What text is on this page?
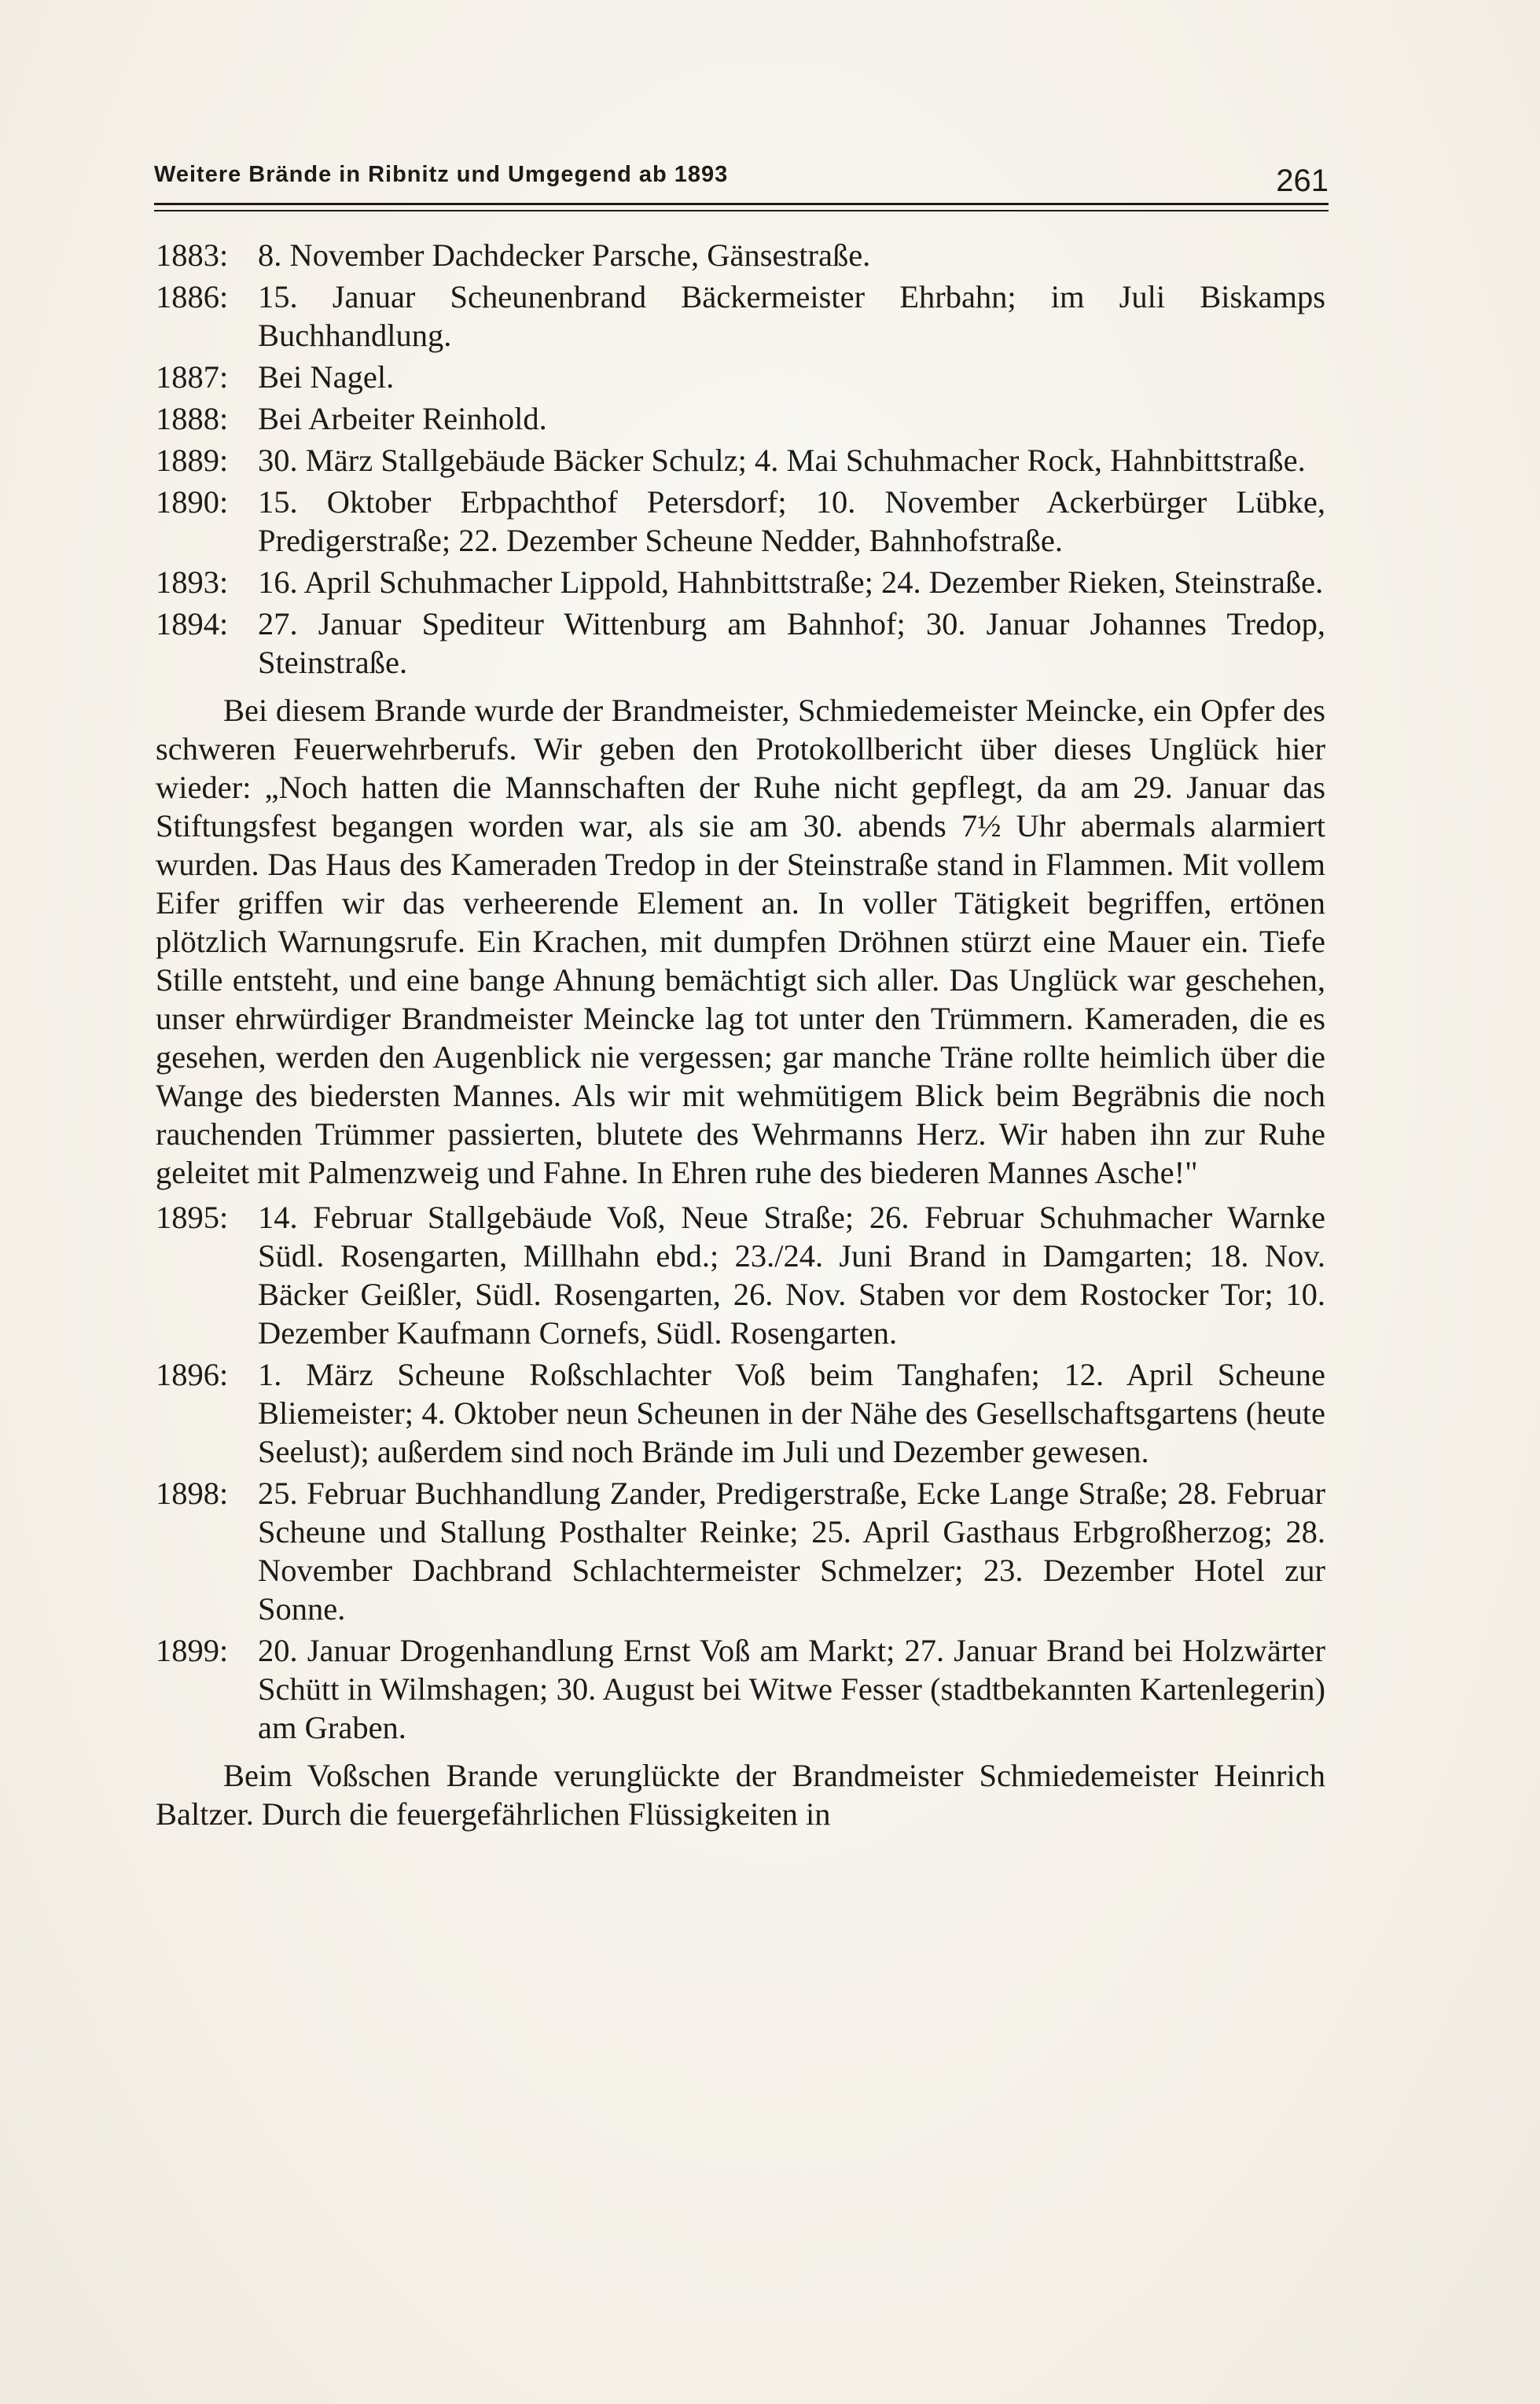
Weitere Brände in Ribnitz und Umgegend ab 1893	261
1883: 8. November Dachdecker Parsche, Gänsestraße.
1886: 15. Januar Scheunenbrand Bäckermeister Ehrbahn; im Juli Biskamps Buchhandlung.
1887: Bei Nagel.
1888: Bei Arbeiter Reinhold.
1889: 30. März Stallgebäude Bäcker Schulz; 4. Mai Schuhmacher Rock, Hahnbittstraße.
1890: 15. Oktober Erbpachthof Petersdorf; 10. November Ackerbürger Lübke, Predigerstraße; 22. Dezember Scheune Nedder, Bahnhofstraße.
1893: 16. April Schuhmacher Lippold, Hahnbittstraße; 24. Dezember Rieken, Steinstraße.
1894: 27. Januar Spediteur Wittenburg am Bahnhof; 30. Januar Johannes Tredop, Steinstraße.

Bei diesem Brande wurde der Brandmeister, Schmiedemeister Meincke, ein Opfer des schweren Feuerwehrberufs. Wir geben den Protokollbericht über dieses Unglück hier wieder: „Noch hatten die Mannschaften der Ruhe nicht gepflegt, da am 29. Januar das Stiftungsfest begangen worden war, als sie am 30. abends 7½ Uhr abermals alarmiert wurden. Das Haus des Kameraden Tredop in der Steinstraße stand in Flammen. Mit vollem Eifer griffen wir das verheerende Element an. In voller Tätigkeit begriffen, ertönen plötzlich Warnungsrufe. Ein Krachen, mit dumpfen Dröhnen stürzt eine Mauer ein. Tiefe Stille entsteht, und eine bange Ahnung bemächtigt sich aller. Das Unglück war geschehen, unser ehrwürdiger Brandmeister Meincke lag tot unter den Trümmern. Kameraden, die es gesehen, werden den Augenblick nie vergessen; gar manche Träne rollte heimlich über die Wange des biedersten Mannes. Als wir mit wehmütigem Blick beim Begräbnis die noch rauchenden Trümmer passierten, blutete des Wehrmanns Herz. Wir haben ihn zur Ruhe geleitet mit Palmenzweig und Fahne. In Ehren ruhe des biederen Mannes Asche!"

1895: 14. Februar Stallgebäude Voß, Neue Straße; 26. Februar Schuhmacher Warnke Südl. Rosengarten, Millhahn ebd.; 23./24. Juni Brand in Damgarten; 18. Nov. Bäcker Geißler, Südl. Rosengarten, 26. Nov. Staben vor dem Rostocker Tor; 10. Dezember Kaufmann Cornefs, Südl. Rosengarten.
1896: 1. März Scheune Roßschlachter Voß beim Tanghafen; 12. April Scheune Bliemeister; 4. Oktober neun Scheunen in der Nähe des Gesellschaftsgartens (heute Seelust); außerdem sind noch Brände im Juli und Dezember gewesen.
1898: 25. Februar Buchhandlung Zander, Predigerstraße, Ecke Lange Straße; 28. Februar Scheune und Stallung Posthalter Reinke; 25. April Gasthaus Erbgroßherzog; 28. November Dachbrand Schlachtermeister Schmelzer; 23. Dezember Hotel zur Sonne.
1899: 20. Januar Drogenhandlung Ernst Voß am Markt; 27. Januar Brand bei Holzwärter Schütt in Wilmshagen; 30. August bei Witwe Fesser (stadtbekannten Kartenlegerin) am Graben.

Beim Voßschen Brande verunglückte der Brandmeister Schmiedemeister Heinrich Baltzer. Durch die feuergefährlichen Flüssigkeiten in
